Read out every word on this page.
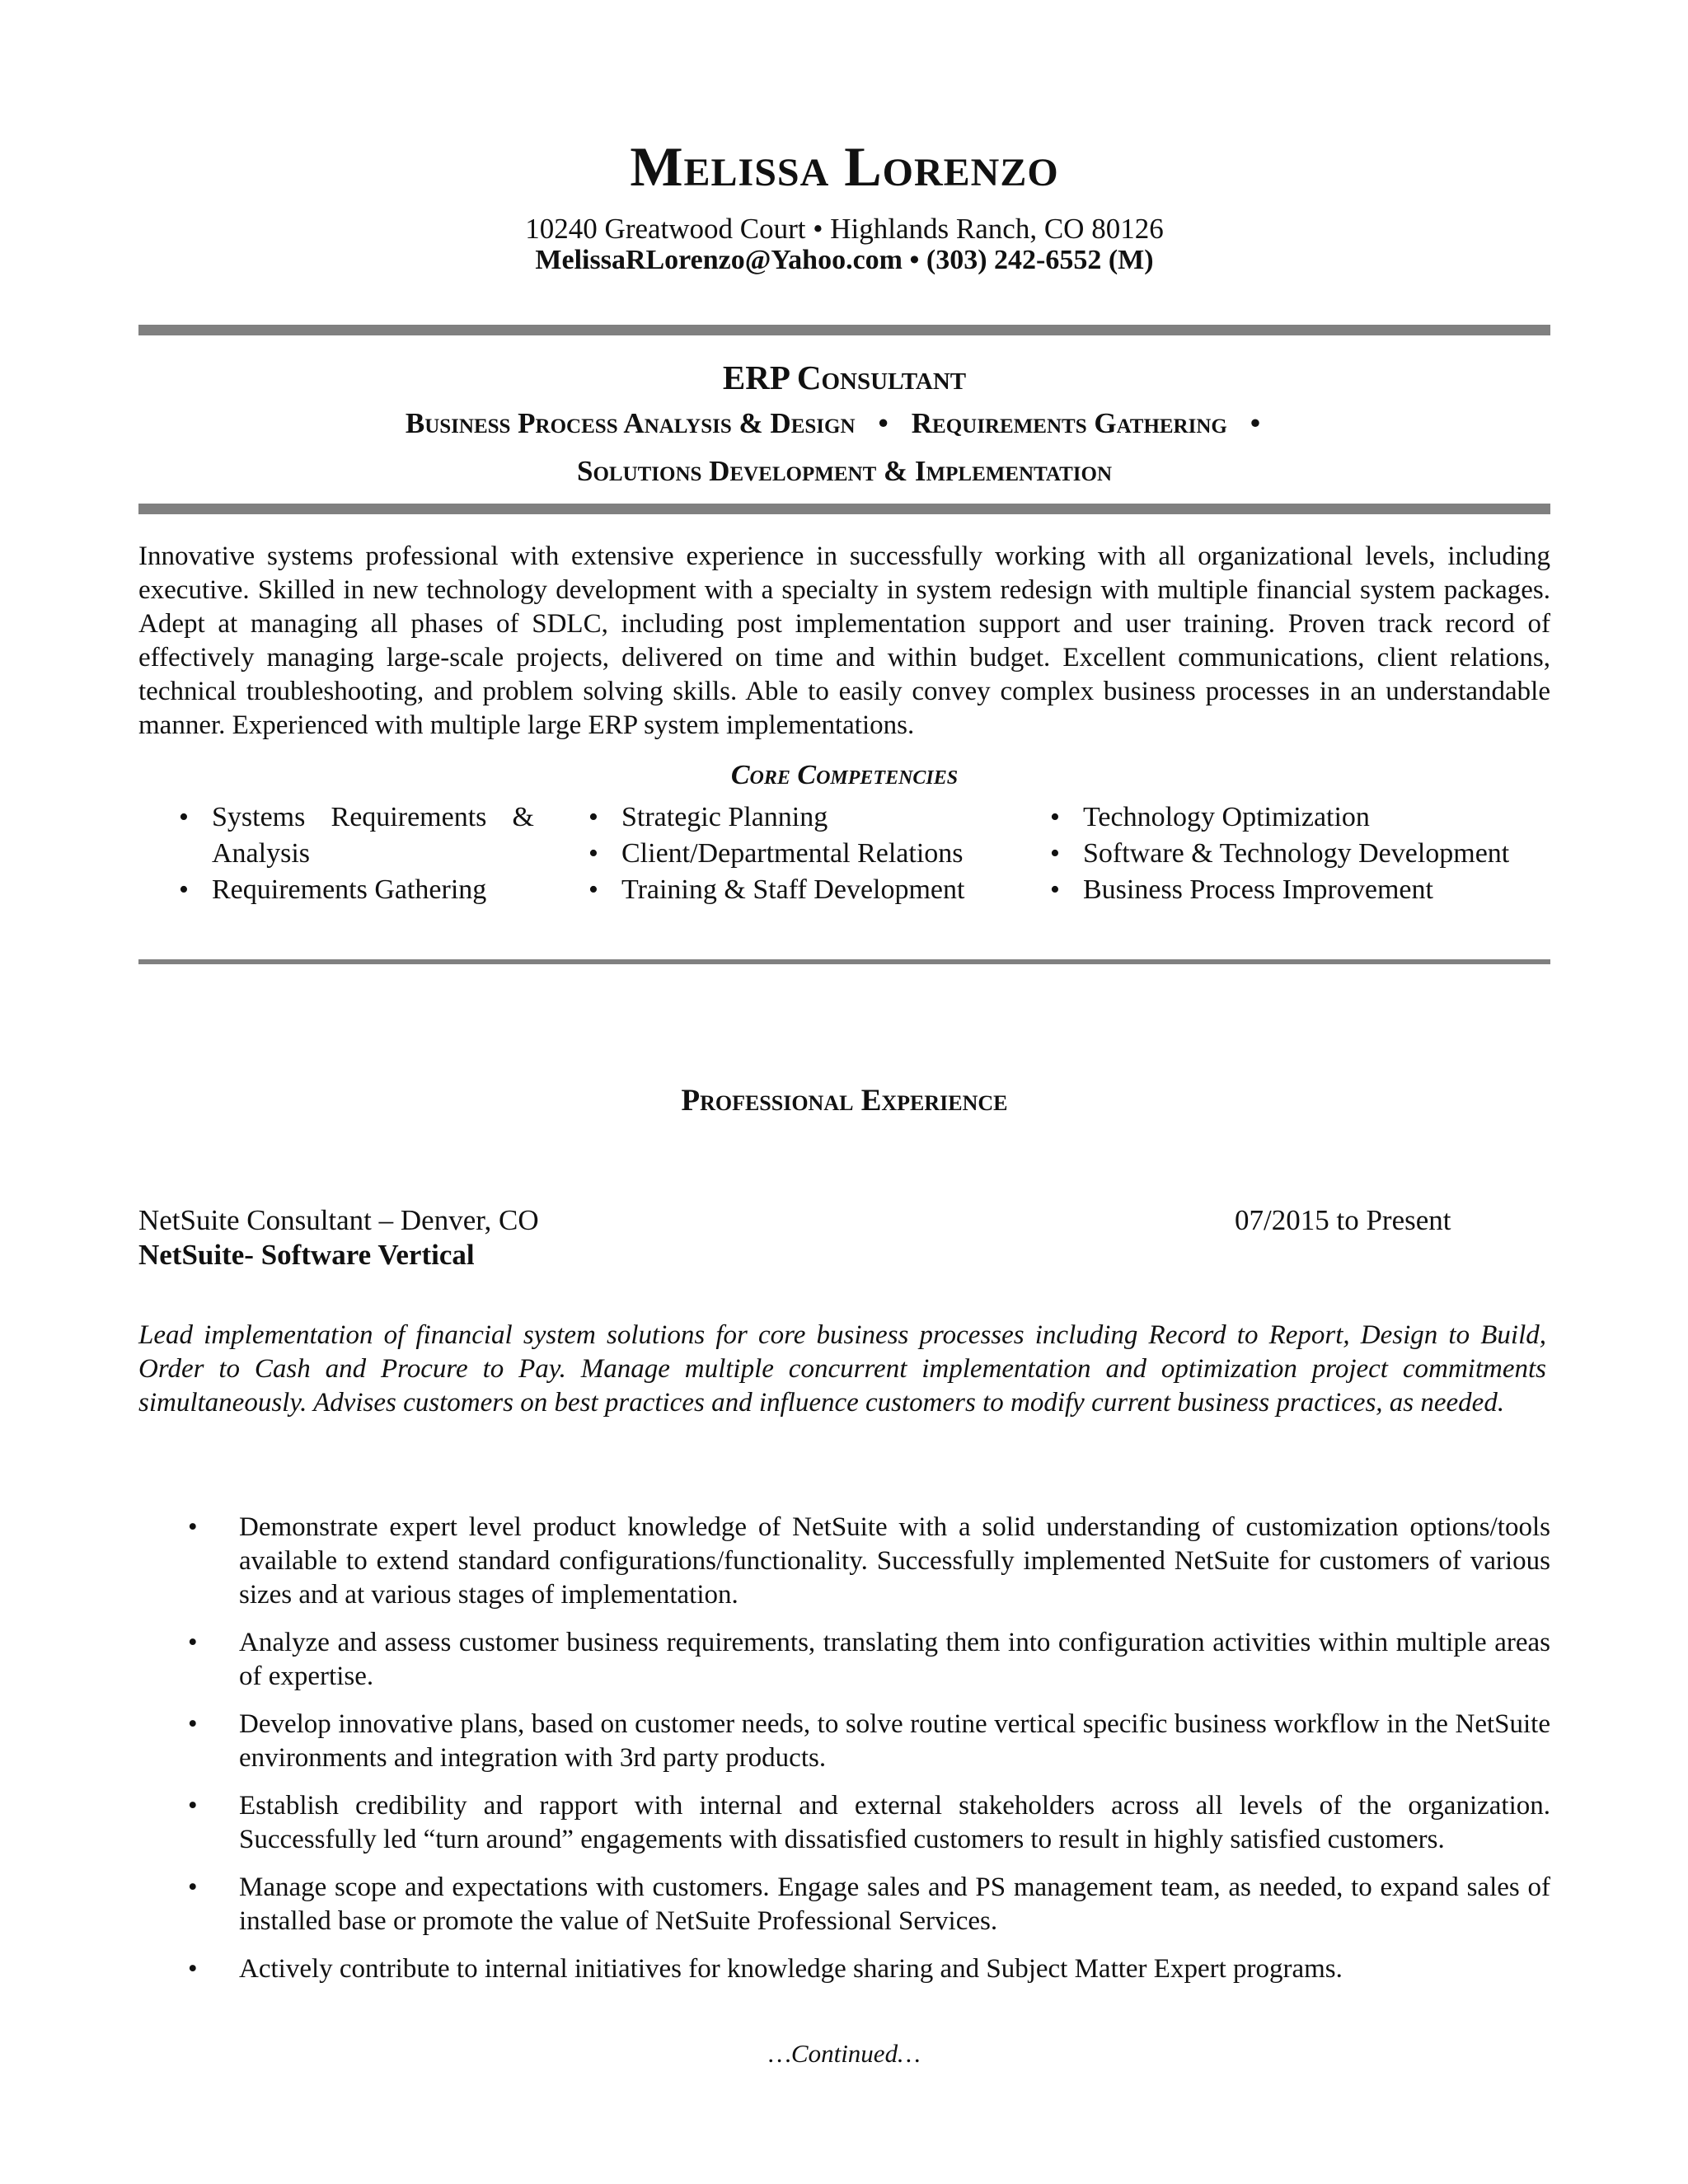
Melissa Lorenzo
10240 Greatwood Court • Highlands Ranch, CO 80126
MelissaRLorenzo@Yahoo.com • (303) 242-6552 (M)
ERP Consultant
Business Process Analysis & Design • Requirements Gathering •
Solutions Development & Implementation
Innovative systems professional with extensive experience in successfully working with all organizational levels, including executive. Skilled in new technology development with a specialty in system redesign with multiple financial system packages. Adept at managing all phases of SDLC, including post implementation support and user training. Proven track record of effectively managing large-scale projects, delivered on time and within budget. Excellent communications, client relations, technical troubleshooting, and problem solving skills. Able to easily convey complex business processes in an understandable manner. Experienced with multiple large ERP system implementations.
Core Competencies
• Systems Requirements & Analysis
• Requirements Gathering
• Strategic Planning
• Client/Departmental Relations
• Training & Staff Development
• Technology Optimization
• Software & Technology Development
• Business Process Improvement
Professional Experience
NetSuite Consultant – Denver, CO	07/2015 to Present
NetSuite- Software Vertical
Lead implementation of financial system solutions for core business processes including Record to Report, Design to Build, Order to Cash and Procure to Pay. Manage multiple concurrent implementation and optimization project commitments simultaneously. Advises customers on best practices and influence customers to modify current business practices, as needed.
• Demonstrate expert level product knowledge of NetSuite with a solid understanding of customization options/tools available to extend standard configurations/functionality. Successfully implemented NetSuite for customers of various sizes and at various stages of implementation.
• Analyze and assess customer business requirements, translating them into configuration activities within multiple areas of expertise.
• Develop innovative plans, based on customer needs, to solve routine vertical specific business workflow in the NetSuite environments and integration with 3rd party products.
• Establish credibility and rapport with internal and external stakeholders across all levels of the organization. Successfully led “turn around” engagements with dissatisfied customers to result in highly satisfied customers.
• Manage scope and expectations with customers. Engage sales and PS management team, as needed, to expand sales of installed base or promote the value of NetSuite Professional Services.
• Actively contribute to internal initiatives for knowledge sharing and Subject Matter Expert programs.
…Continued…
